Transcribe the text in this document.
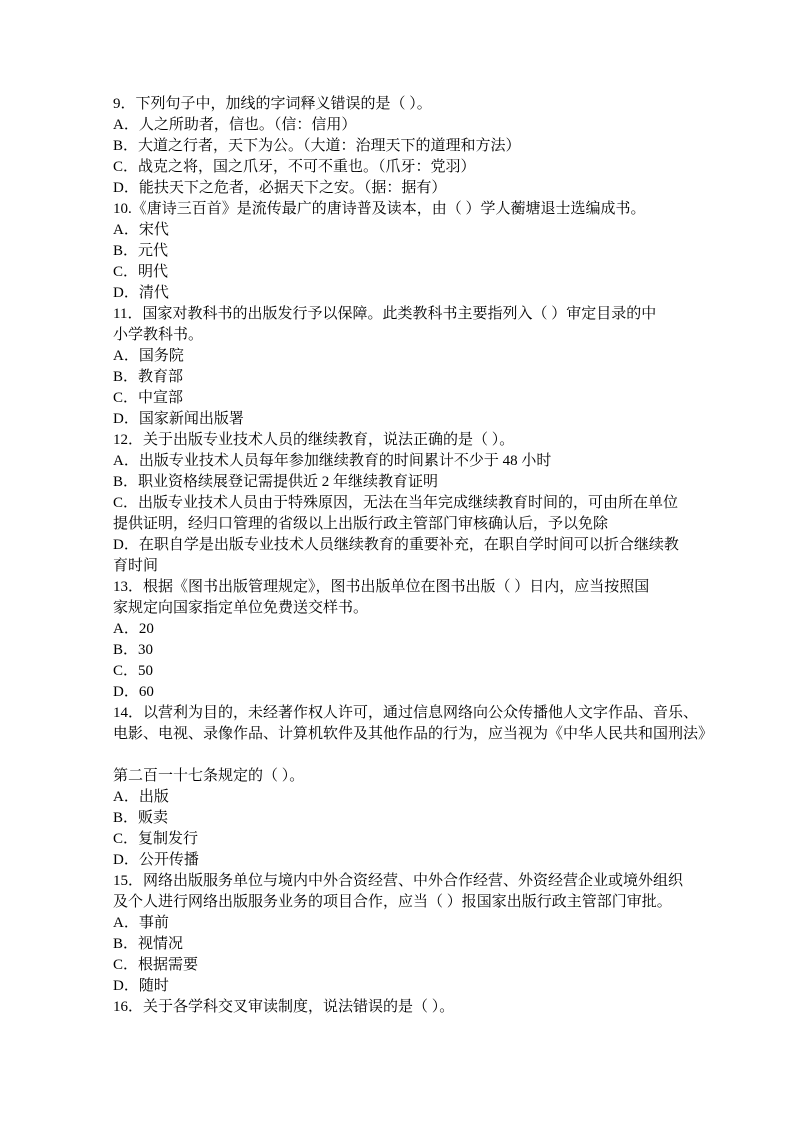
9．下列句子中，加线的字词释义错误的是（ ）。
A．人之所助者，信也。（信：信用）
B．大道之行者，天下为公。（大道：治理天下的道理和方法）
C．战克之将，国之爪牙，不可不重也。（爪牙：党羽）
D．能扶天下之危者，必据天下之安。（据：据有）
10.《唐诗三百首》是流传最广的唐诗普及读本，由（ ）学人蘅塘退士选编成书。
A．宋代
B．元代
C．明代
D．清代
11．国家对教科书的出版发行予以保障。此类教科书主要指列入（ ）审定目录的中
小学教科书。
A．国务院
B．教育部
C．中宣部
D．国家新闻出版署
12．关于出版专业技术人员的继续教育，说法正确的是（ ）。
A．出版专业技术人员每年参加继续教育的时间累计不少于 48 小时
B．职业资格续展登记需提供近 2 年继续教育证明
C．出版专业技术人员由于特殊原因，无法在当年完成继续教育时间的，可由所在单位
提供证明，经归口管理的省级以上出版行政主管部门审核确认后，予以免除
D．在职自学是出版专业技术人员继续教育的重要补充，在职自学时间可以折合继续教
育时间
13．根据《图书出版管理规定》，图书出版单位在图书出版（ ）日内，应当按照国
家规定向国家指定单位免费送交样书。
A．20
B．30
C．50
D．60
14．以营利为目的，未经著作权人许可，通过信息网络向公众传播他人文字作品、音乐、
电影、电视、录像作品、计算机软件及其他作品的行为，应当视为《中华人民共和国刑法》
第二百一十七条规定的（ ）。
A．出版
B．贩卖
C．复制发行
D．公开传播
15．网络出版服务单位与境内中外合资经营、中外合作经营、外资经营企业或境外组织
及个人进行网络出版服务业务的项目合作，应当（ ）报国家出版行政主管部门审批。
A．事前
B．视情况
C．根据需要
D．随时
16．关于各学科交叉审读制度，说法错误的是（ ）。
